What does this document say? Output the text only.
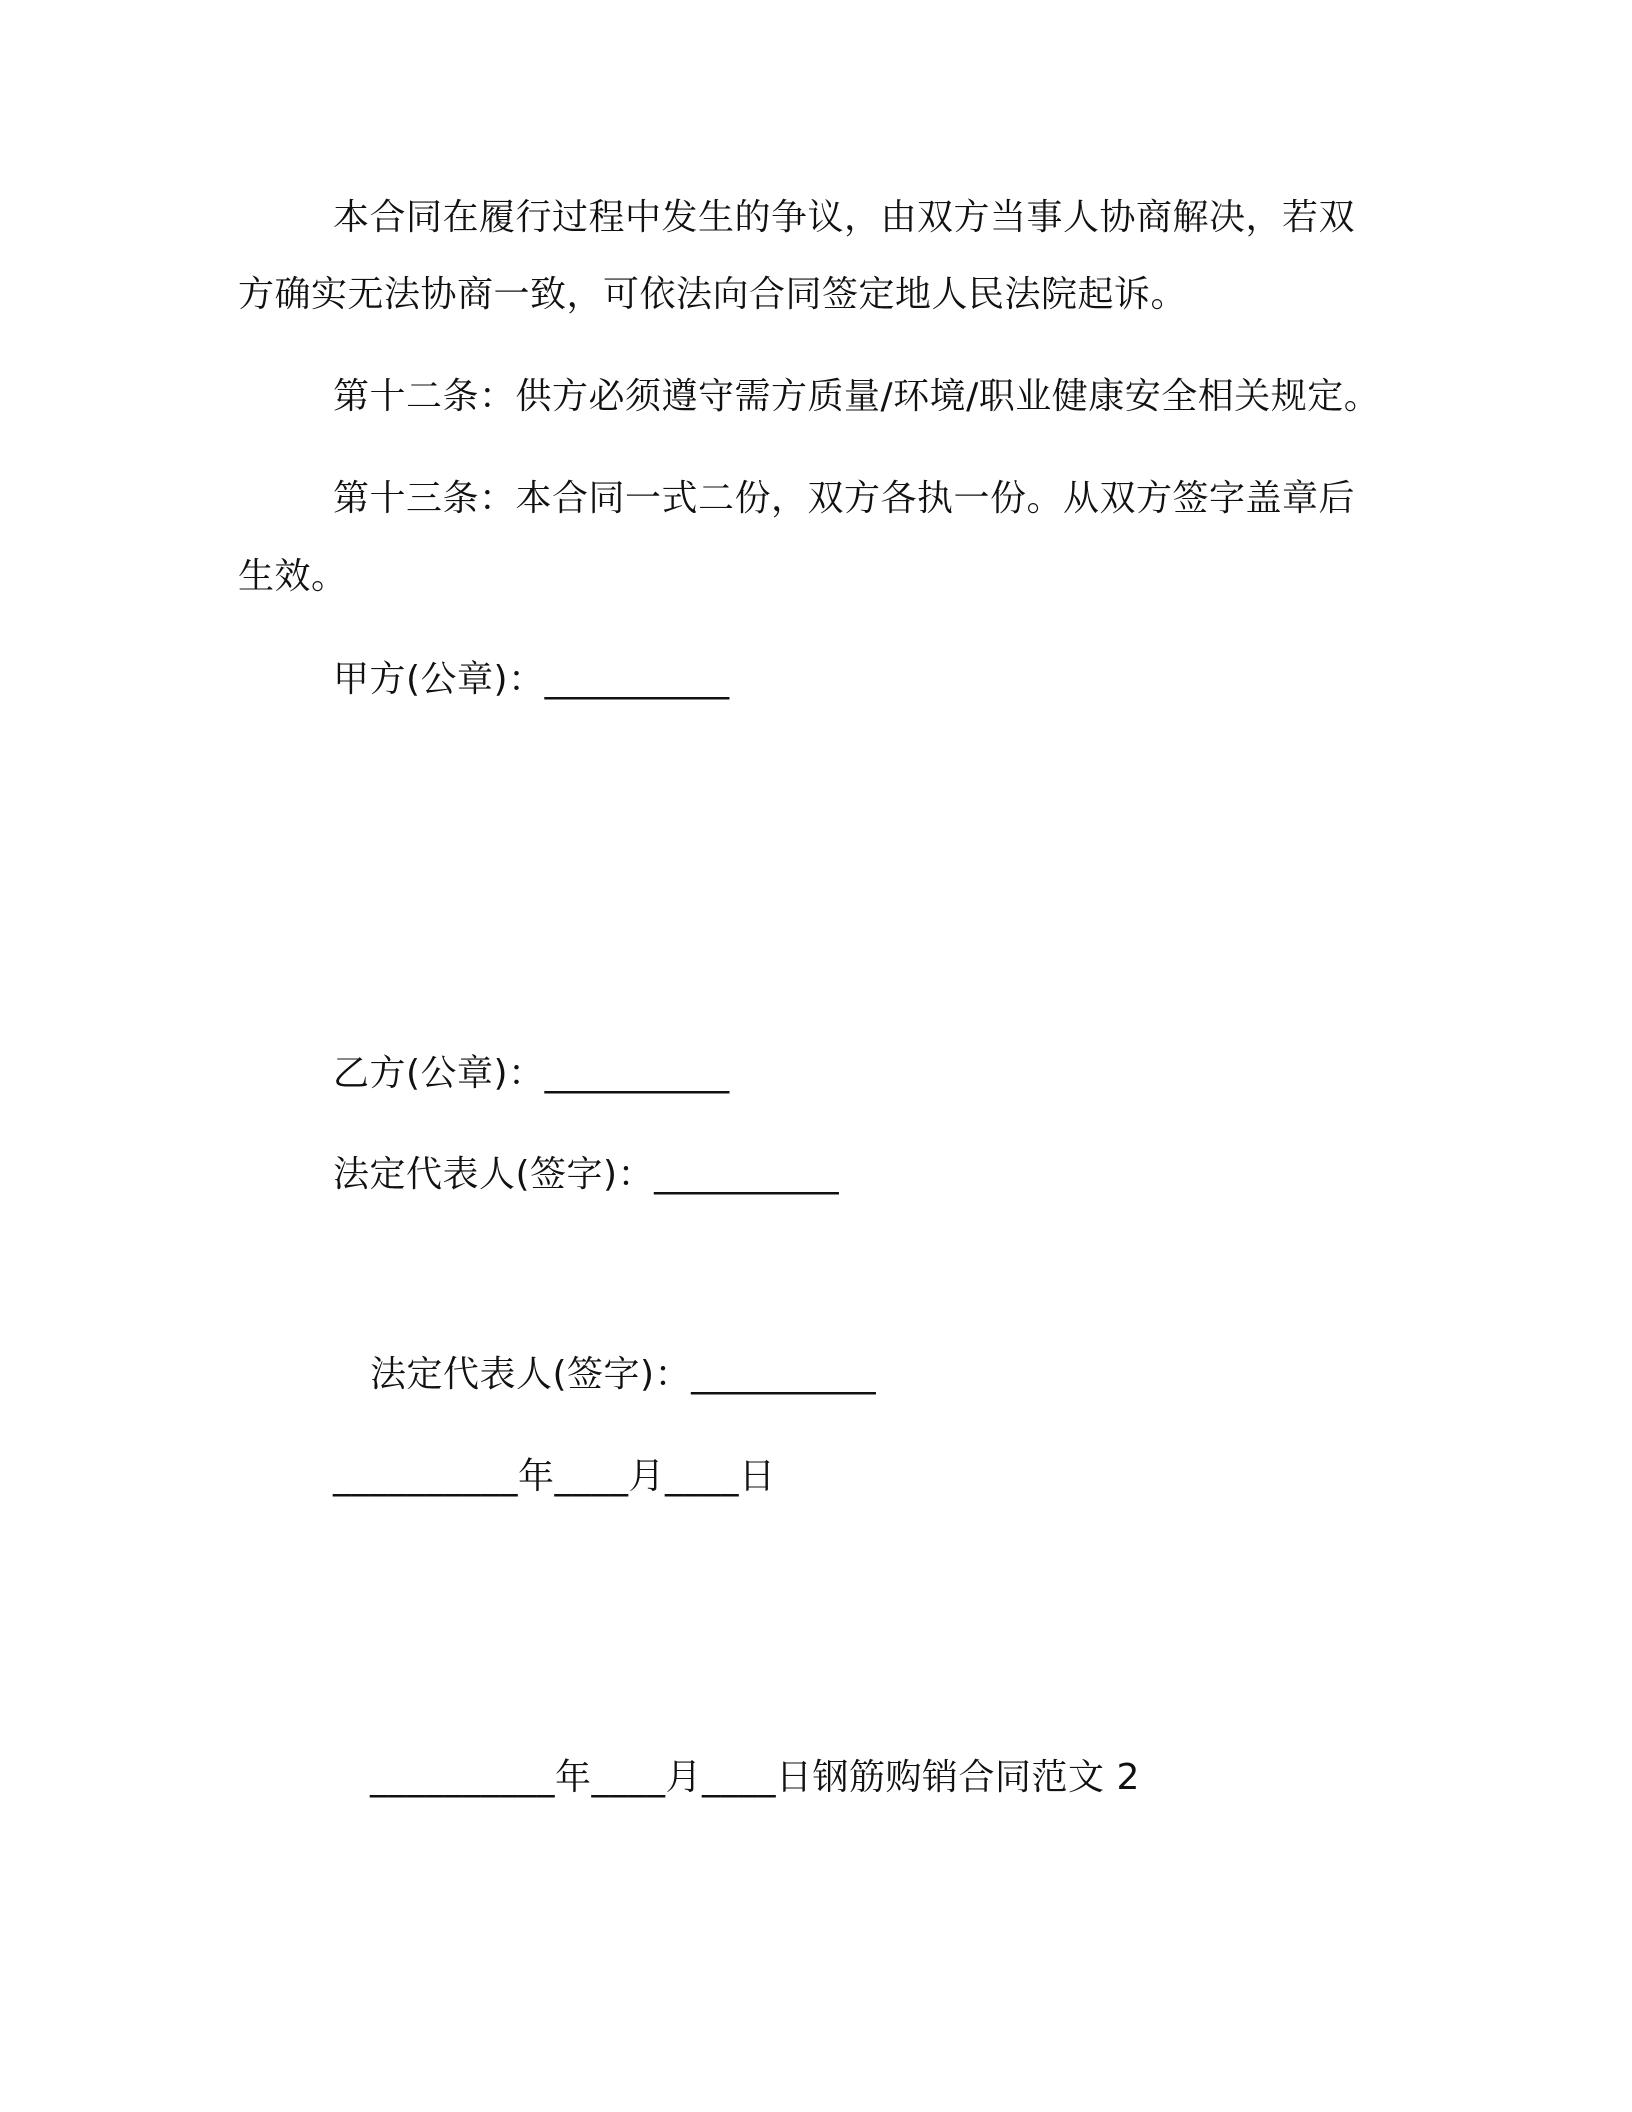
本合同在履行过程中发生的争议，由双方当事人协商解决，若双
方确实无法协商一致，可依法向合同签定地人民法院起诉。
第十二条：供方必须遵守需方质量/环境/职业健康安全相关规定。
第十三条：本合同一式二份，双方各执一份。从双方签字盖章后
生效。
甲方(公章)：__________
乙方(公章)：__________
法定代表人(签字)：__________
法定代表人(签字)：__________
__________年____月____日
__________年____月____日钢筋购销合同范文 2
